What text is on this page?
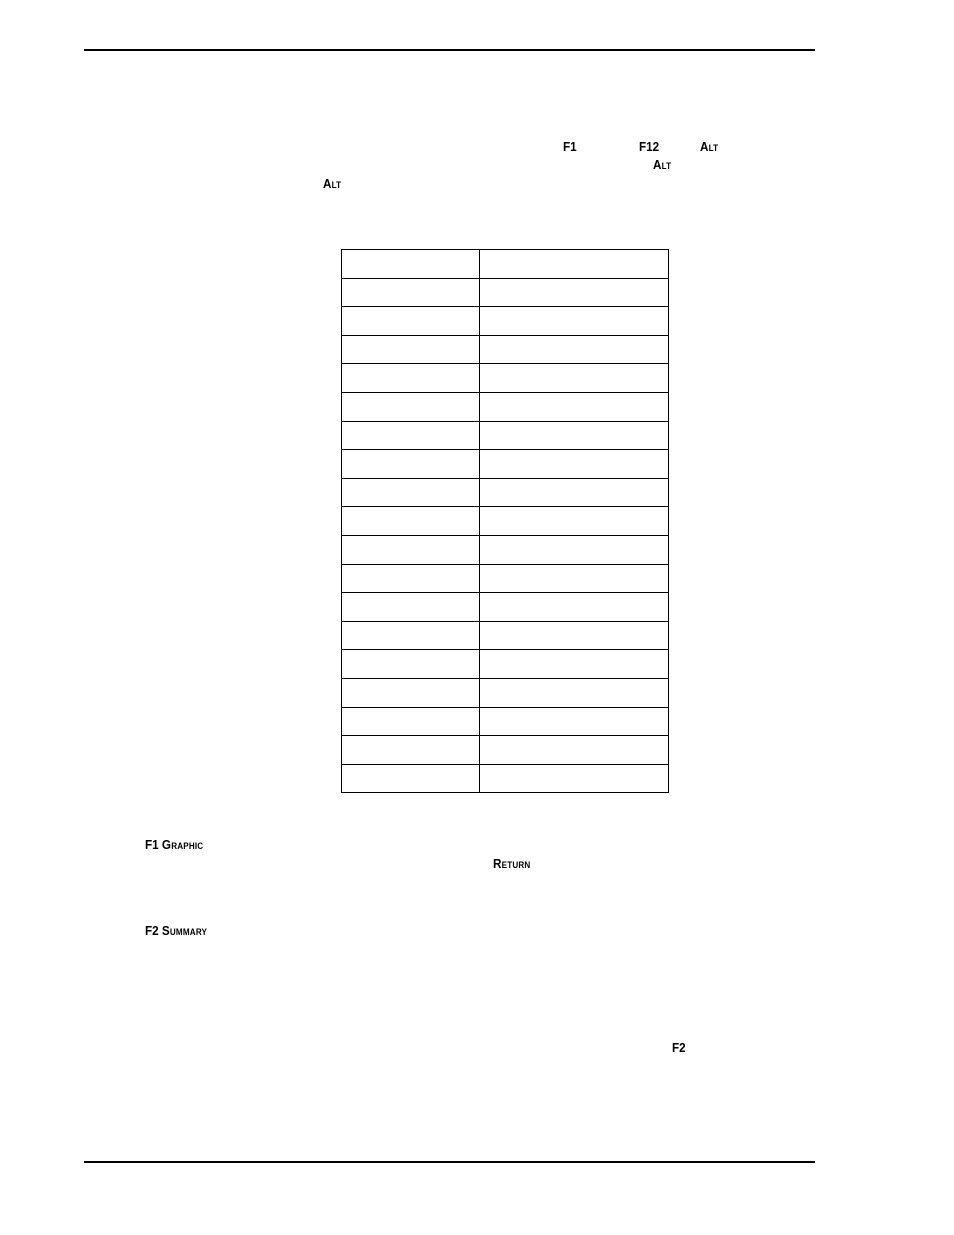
F1	F12	Alt
Alt
Alt

F1 Graphic
Return
F2 Summary
F2
